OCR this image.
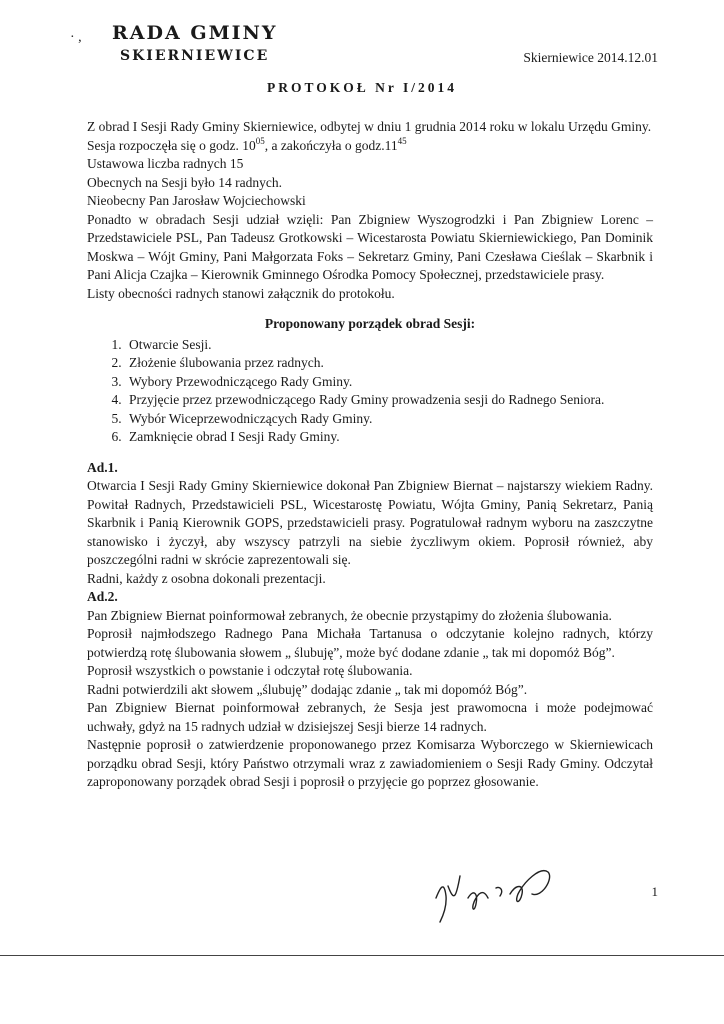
· , RADA GMINY
SKIERNIEWICE	Skierniewice 2014.12.01
PROTOKOŁ Nr I/2014

Z obrad I Sesji Rady Gminy Skierniewice, odbytej w dniu 1 grudnia 2014 roku w lokalu Urzędu Gminy.

Sesja rozpoczęła się o godz. $10^{05}$, a zakończyła o $godz.11^{45}$

Ustawowa liczba radnych 15

Obecnych na Sesji było 14 radnych.

Nieobecny Pan Jarosław Wojciechowski

Ponadto w obradach Sesji udział wzięli: Pan Zbigniew Wyszogrodzki i Pan Zbigniew Lorenc – Przedstawiciele PSL, Pan Tadeusz Grotkowski – Wicestarosta Powiatu Skierniewickiego, Pan Dominik Moskwa – Wójt Gminy, Pani Małgorzata Foks – Sekretarz Gminy, Pani Czesława Cieślak – Skarbnik i Pani Alicja Czajka – Kierownik Gminnego Ośrodka Pomocy Społecznej, przedstawiciele prasy.

Listy obecności radnych stanowi załącznik do protokołu.

Proponowany porządek obrad Sesji:

1. Otwarcie Sesji.
2. Złożenie ślubowania przez radnych.
3. Wybory Przewodniczącego Rady Gminy.
4. Przyjęcie przez przewodniczącego Rady Gminy prowadzenia sesji do Radnego Seniora.
5. Wybór Wiceprzewodniczących Rady Gminy.
6. Zamknięcie obrad I Sesji Rady Gminy.

Ad.1.

Otwarcia I Sesji Rady Gminy Skierniewice dokonał Pan Zbigniew Biernat – najstarszy wiekiem Radny. Powitał Radnych, Przedstawicieli PSL, Wicestarostę Powiatu, Wójta Gminy, Panią Sekretarz, Panią Skarbnik i Panią Kierownik GOPS, przedstawicieli prasy. Pogratulował radnym wyboru na zaszczytne stanowisko i życzył, aby wszyscy patrzyli na siebie życzliwym okiem. Poprosił również, aby poszczególni radni w skrócie zaprezentowali się.

Radni, każdy z osobna dokonali prezentacji.

Ad.2.

Pan Zbigniew Biernat poinformował zebranych, że obecnie przystąpimy do złożenia ślubowania.

Poprosił najmłodszego Radnego Pana Michała Tartanusa o odczytanie kolejno radnych, którzy potwierdzą rotę ślubowania słowem „ ślubuję”, może być dodane zdanie „ tak mi dopomóż Bóg”.

Poprosił wszystkich o powstanie i odczytał rotę ślubowania.

Radni potwierdzili akt słowem „ślubuję” dodając zdanie „ tak mi dopomóż Bóg”.

Pan Zbigniew Biernat poinformował zebranych, że Sesja jest prawomocna i może podejmować uchwały, gdyż na 15 radnych udział w dzisiejszej Sesji bierze 14 radnych.

Następnie poprosił o zatwierdzenie proponowanego przez Komisarza Wyborczego w Skierniewicach porządku obrad Sesji, który Państwo otrzymali wraz z zawiadomieniem o Sesji Rady Gminy. Odczytał zaproponowany porządek obrad Sesji i poprosił o przyjęcie go poprzez głosowanie.

1
